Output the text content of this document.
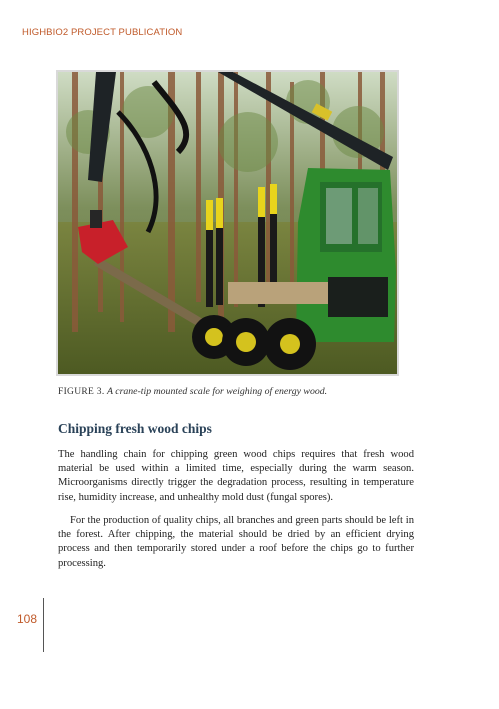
HIGHBIO2 PROJECT PUBLICATION
FIGURE 3. A crane-tip mounted scale for weighing of energy wood.
Chipping fresh wood chips

The handling chain for chipping green wood chips requires that fresh wood material be used within a limited time, especially during the warm season. Microorganisms directly trigger the degradation process, resulting in temperature rise, humidity increase, and unhealthy mold dust (fungal spores).

For the production of quality chips, all branches and green parts should be left in the forest. After chipping, the material should be dried by an efficient drying process and then temporarily stored under a roof before the chips go to further processing.

108
